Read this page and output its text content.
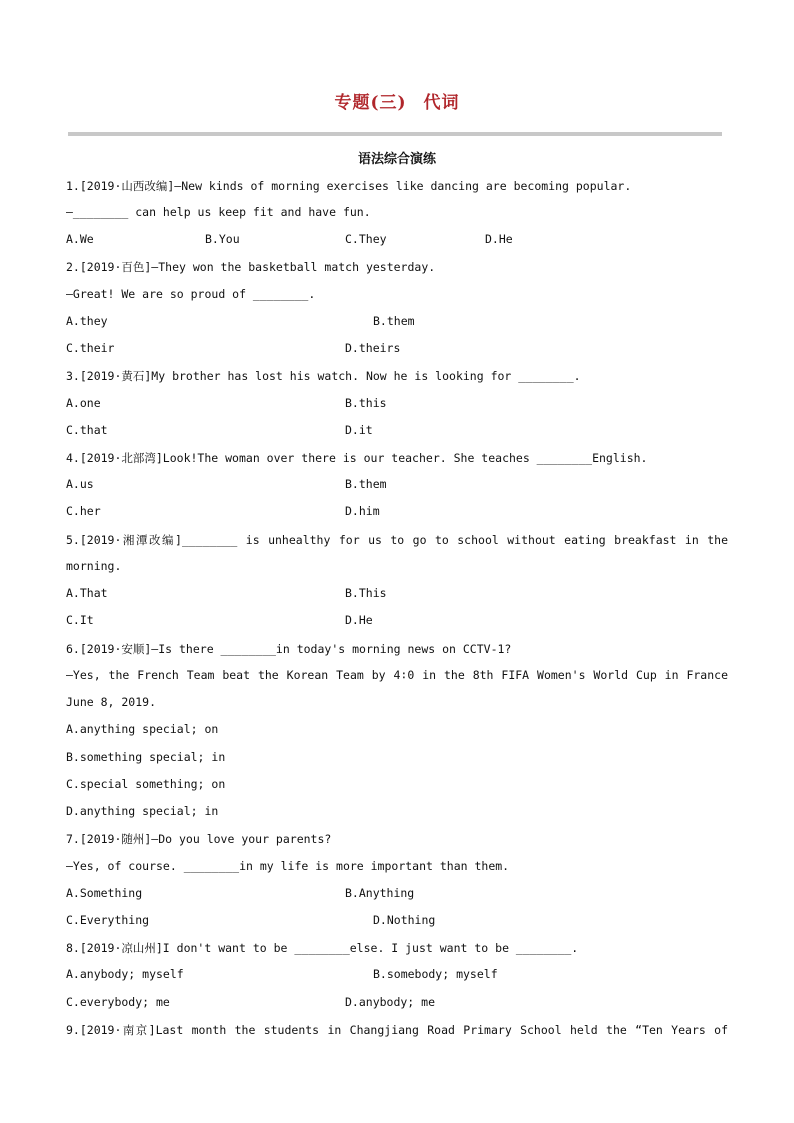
专题(三) 代词
语法综合演练
1.[2019·山西改编]—New kinds of morning exercises like dancing are becoming popular.
—________ can help us keep fit and have fun.
A.We	B.You	C.They	D.He
2.[2019·百色]—They won the basketball match yesterday.
—Great! We are so proud of ________.
A.they	B.them
C.their	D.theirs
3.[2019·黄石]My brother has lost his watch. Now he is looking for ________.
A.one	B.this
C.that	D.it
4.[2019·北部湾]Look!The woman over there is our teacher. She teaches ________English.
A.us	B.them
C.her	D.him
5.[2019·湘潭改编]________ is unhealthy for us to go to school without eating breakfast in the
morning.
A.That	B.This
C.It	D.He
6.[2019·安顺]—Is there ________in today's morning news on CCTV-1?
—Yes, the French Team beat the Korean Team by 4∶0 in the 8th FIFA Women's World Cup in France
June 8, 2019.
A.anything special; on
B.something special; in
C.special something; on
D.anything special; in
7.[2019·随州]—Do you love your parents?
—Yes, of course. ________in my life is more important than them.
A.Something	B.Anything
C.Everything	D.Nothing
8.[2019·凉山州]I don't want to be ________else. I just want to be ________.
A.anybody; myself	B.somebody; myself
C.everybody; me	D.anybody; me
9.[2019·南京]Last month the students in Changjiang Road Primary School held the “Ten Years of
